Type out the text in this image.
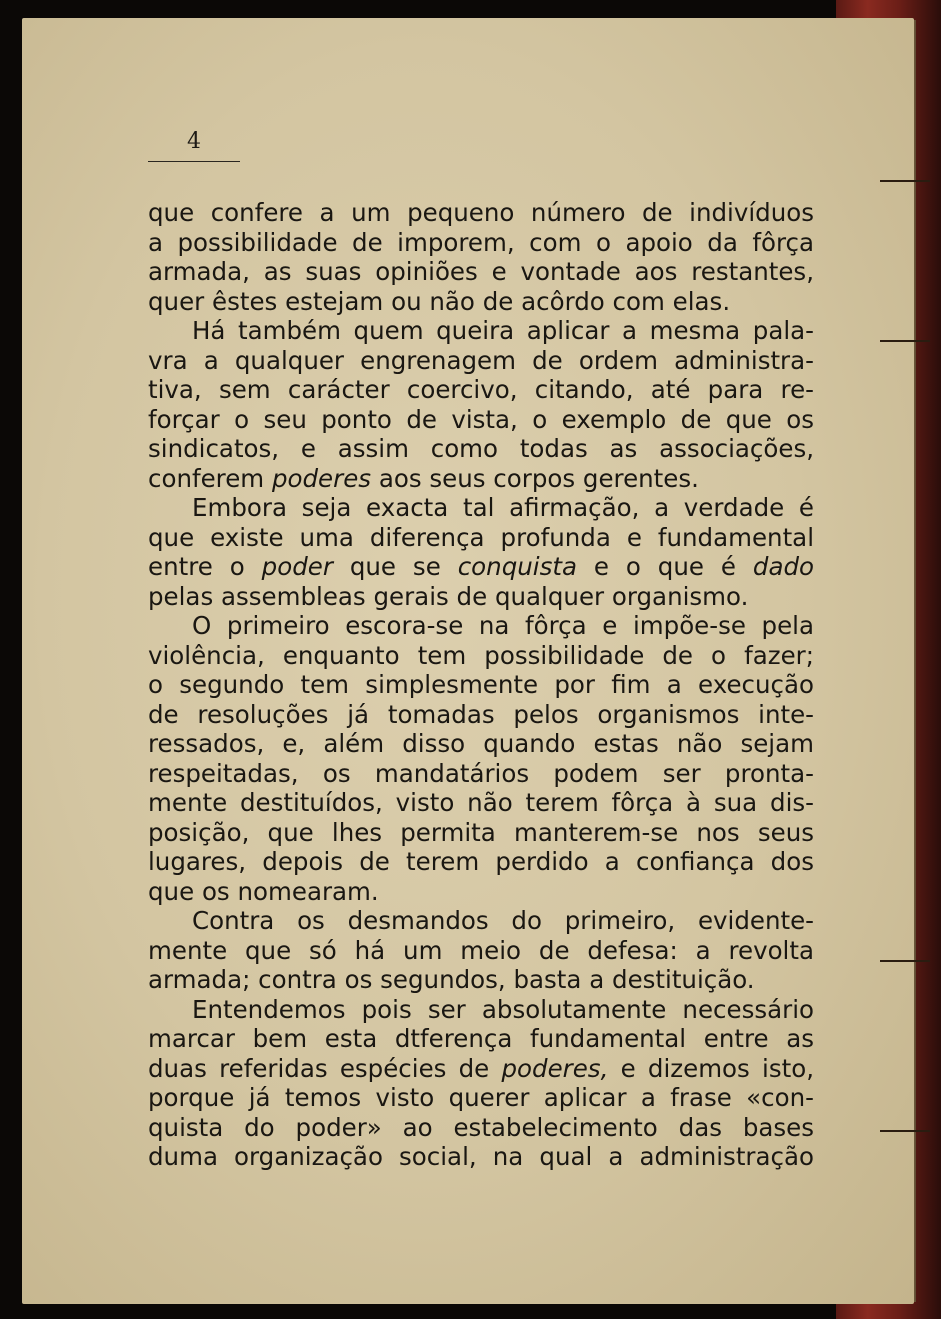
4
que confere a um pequeno número de indivíduos
a possibilidade de imporem, com o apoio da fôrça
armada, as suas opiniões e vontade aos restantes,
quer êstes estejam ou não de acôrdo com elas.
Há também quem queira aplicar a mesma pala-
vra a qualquer engrenagem de ordem administra-
tiva, sem carácter coercivo, citando, até para re-
forçar o seu ponto de vista, o exemplo de que os
sindicatos, e assim como todas as associações,
conferem poderes aos seus corpos gerentes.
Embora seja exacta tal afirmação, a verdade é
que existe uma diferença profunda e fundamental
entre o poder que se conquista e o que é dado
pelas assembleas gerais de qualquer organismo.
O primeiro escora-se na fôrça e impõe-se pela
violência, enquanto tem possibilidade de o fazer;
o segundo tem simplesmente por fim a execução
de resoluções já tomadas pelos organismos inte-
ressados, e, além disso quando estas não sejam
respeitadas, os mandatários podem ser pronta-
mente destituídos, visto não terem fôrça à sua dis-
posição, que lhes permita manterem-se nos seus
lugares, depois de terem perdido a confiança dos
que os nomearam.
Contra os desmandos do primeiro, evidente-
mente que só há um meio de defesa: a revolta
armada; contra os segundos, basta a destituição.
Entendemos pois ser absolutamente necessário
marcar bem esta dtferença fundamental entre as
duas referidas espécies de poderes, e dizemos isto,
porque já temos visto querer aplicar a frase «con-
quista do poder» ao estabelecimento das bases
duma organização social, na qual a administração
